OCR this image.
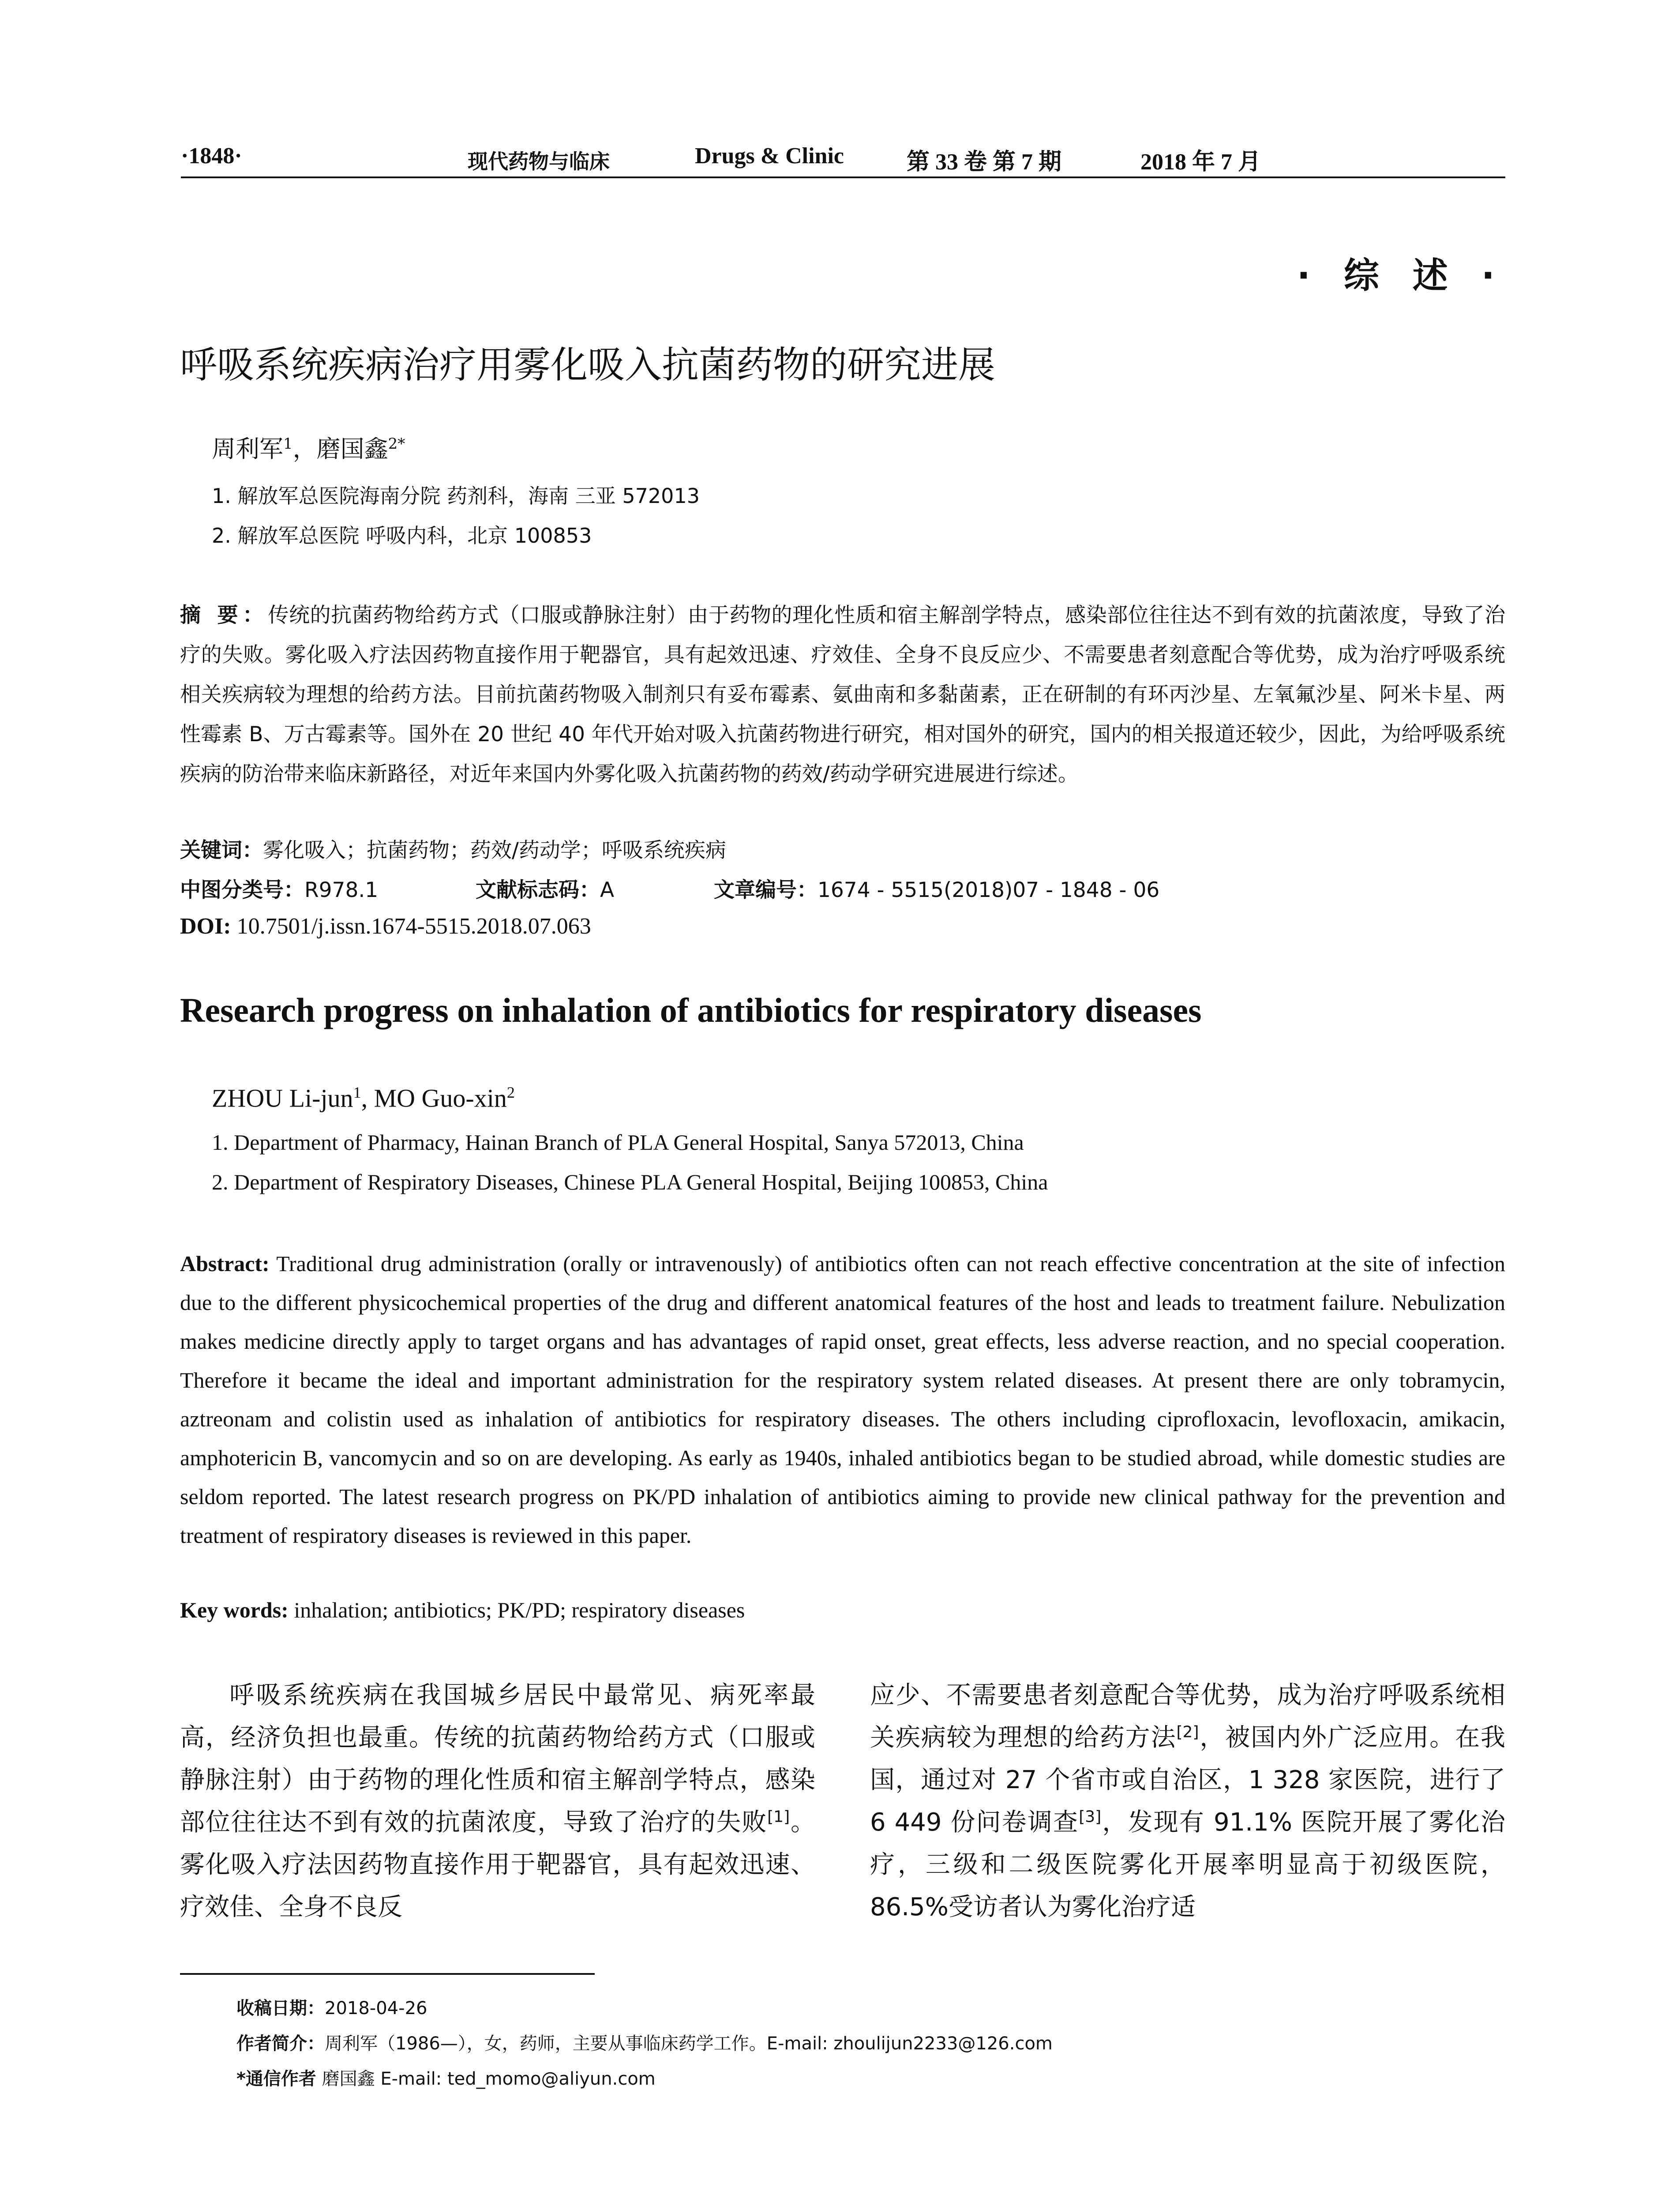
·1848·	现代药物与临床	Drugs & Clinic	第 33 卷 第 7 期	2018 年 7 月
· 综 述 ·
呼吸系统疾病治疗用雾化吸入抗菌药物的研究进展
周利军$^1$，磨国鑫$^{2*}$
1. 解放军总医院海南分院 药剂科，海南 三亚 572013
2. 解放军总医院 呼吸内科，北京 100853
摘 要：传统的抗菌药物给药方式（口服或静脉注射）由于药物的理化性质和宿主解剖学特点，感染部位往往达不到有效的抗菌浓度，导致了治疗的失败。雾化吸入疗法因药物直接作用于靶器官，具有起效迅速、疗效佳、全身不良反应少、不需要患者刻意配合等优势，成为治疗呼吸系统相关疾病较为理想的给药方法。目前抗菌药物吸入制剂只有妥布霉素、氨曲南和多黏菌素，正在研制的有环丙沙星、左氧氟沙星、阿米卡星、两性霉素 B、万古霉素等。国外在 20 世纪 40 年代开始对吸入抗菌药物进行研究，相对国外的研究，国内的相关报道还较少，因此，为给呼吸系统疾病的防治带来临床新路径，对近年来国内外雾化吸入抗菌药物的药效/药动学研究进展进行综述。
关键词：雾化吸入；抗菌药物；药效/药动学；呼吸系统疾病
中图分类号：R978.1	文献标志码：A	文章编号：1674 - 5515(2018)07 - 1848 - 06
DOI: 10.7501/j.issn.1674-5515.2018.07.063
Research progress on inhalation of antibiotics for respiratory diseases
ZHOU Li-jun$^1$, MO Guo-xin$^2$
1. Department of Pharmacy, Hainan Branch of PLA General Hospital, Sanya 572013, China
2. Department of Respiratory Diseases, Chinese PLA General Hospital, Beijing 100853, China
Abstract: Traditional drug administration (orally or intravenously) of antibiotics often can not reach effective concentration at the site of infection due to the different physicochemical properties of the drug and different anatomical features of the host and leads to treatment failure. Nebulization makes medicine directly apply to target organs and has advantages of rapid onset, great effects, less adverse reaction, and no special cooperation. Therefore it became the ideal and important administration for the respiratory system related diseases. At present there are only tobramycin, aztreonam and colistin used as inhalation of antibiotics for respiratory diseases. The others including ciprofloxacin, levofloxacin, amikacin, amphotericin B, vancomycin and so on are developing. As early as 1940s, inhaled antibiotics began to be studied abroad, while domestic studies are seldom reported. The latest research progress on PK/PD inhalation of antibiotics aiming to provide new clinical pathway for the prevention and treatment of respiratory diseases is reviewed in this paper.
Key words: inhalation; antibiotics; PK/PD; respiratory diseases
呼吸系统疾病在我国城乡居民中最常见、病死率最高，经济负担也最重。传统的抗菌药物给药方式（口服或静脉注射）由于药物的理化性质和宿主解剖学特点，感染部位往往达不到有效的抗菌浓度，导致了治疗的失败[1]。雾化吸入疗法因药物直接作用于靶器官，具有起效迅速、疗效佳、全身不良反
应少、不需要患者刻意配合等优势，成为治疗呼吸系统相关疾病较为理想的给药方法[2]，被国内外广泛应用。在我国，通过对 27 个省市或自治区，1 328 家医院，进行了 6 449 份问卷调查[3]，发现有 91.1% 医院开展了雾化治疗，三级和二级医院雾化开展率明显高于初级医院，86.5%受访者认为雾化治疗适
收稿日期：2018-04-26
作者简介：周利军（1986—），女，药师，主要从事临床药学工作。E-mail: zhoulijun2233@126.com
*通信作者 磨国鑫 E-mail: ted_momo@aliyun.com
